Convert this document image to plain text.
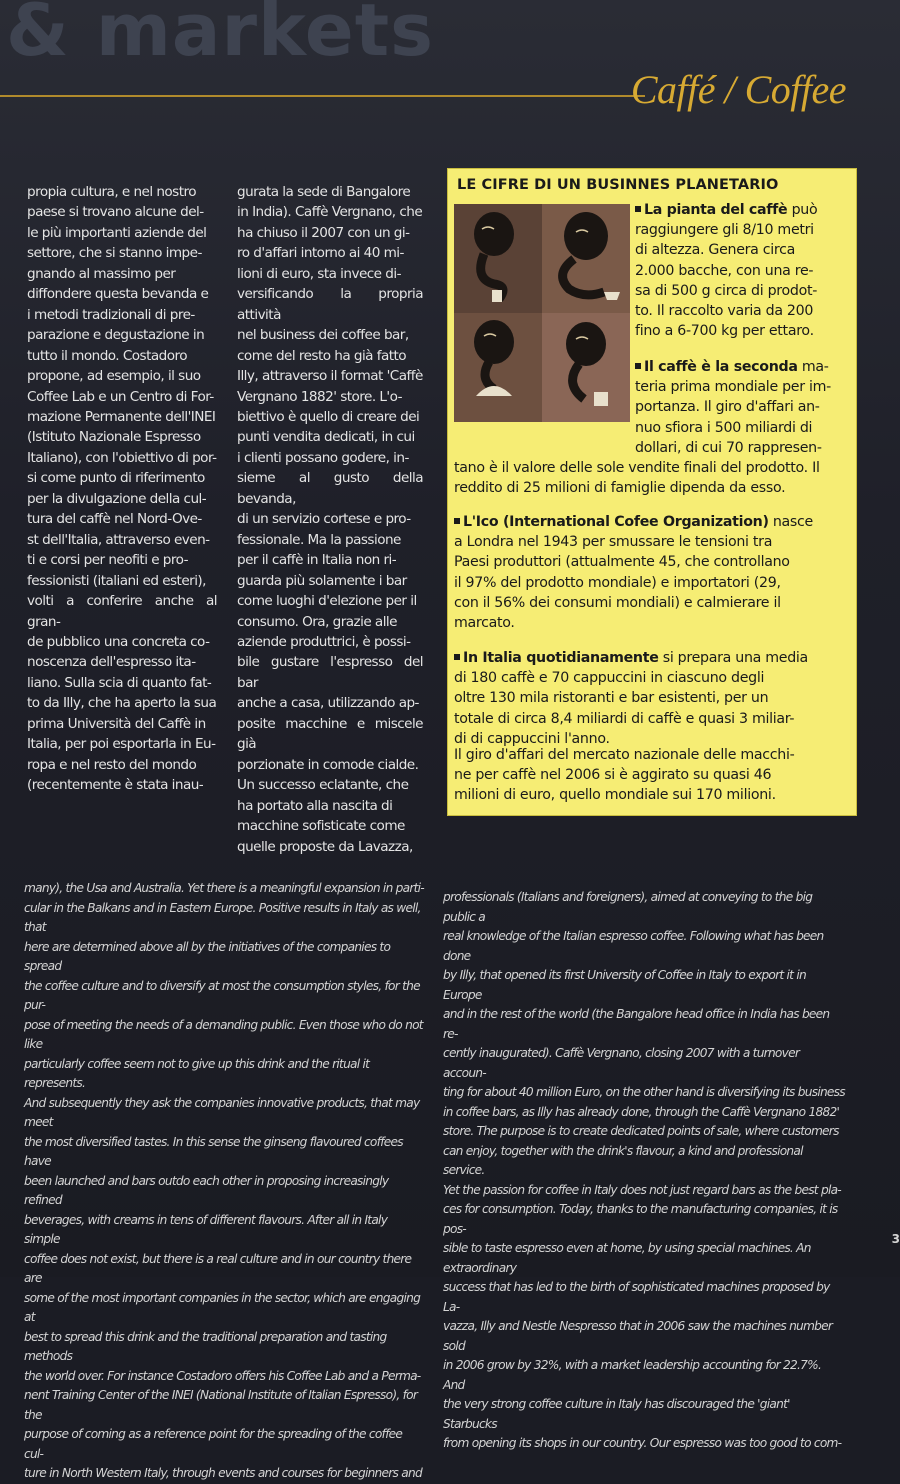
& markets
Caffé / Coffee
propia cultura, e nel nostro
paese si trovano alcune del-
le più importanti aziende del
settore, che si stanno impe-
gnando al massimo per
diffondere questa bevanda e
i metodi tradizionali di pre-
parazione e degustazione in
tutto il mondo. Costadoro
propone, ad esempio, il suo
Coffee Lab e un Centro di For-
mazione Permanente dell'INEI
(Istituto Nazionale Espresso
Italiano), con l'obiettivo di por-
si come punto di riferimento
per la divulgazione della cul-
tura del caffè nel Nord-Ove-
st dell'Italia, attraverso even-
ti e corsi per neofiti e pro-
fessionisti (italiani ed esteri),
volti a conferire anche al gran-
de pubblico una concreta co-
noscenza dell'espresso ita-
liano. Sulla scia di quanto fat-
to da Illy, che ha aperto la sua
prima Università del Caffè in
Italia, per poi esportarla in Eu-
ropa e nel resto del mondo
(recentemente è stata inau-
gurata la sede di Bangalore
in India). Caffè Vergnano, che
ha chiuso il 2007 con un gi-
ro d'affari intorno ai 40 mi-
lioni di euro, sta invece di-
versificando la propria attività
nel business dei coffee bar,
come del resto ha già fatto
Illy, attraverso il format 'Caffè
Vergnano 1882' store. L'o-
biettivo è quello di creare dei
punti vendita dedicati, in cui
i clienti possano godere, in-
sieme al gusto della bevanda,
di un servizio cortese e pro-
fessionale. Ma la passione
per il caffè in Italia non ri-
guarda più solamente i bar
come luoghi d'elezione per il
consumo. Ora, grazie alle
aziende produttrici, è possi-
bile gustare l'espresso del bar
anche a casa, utilizzando ap-
posite macchine e miscele già
porzionate in comode cialde.
Un successo eclatante, che
ha portato alla nascita di
macchine sofisticate come
quelle proposte da Lavazza,
LE CIFRE DI UN BUSINNES PLANETARIO
La pianta del caffè può
raggiungere gli 8/10 metri
di altezza. Genera circa
2.000 bacche, con una re-
sa di 500 g circa di prodot-
to. Il raccolto varia da 200
fino a 6-700 kg per ettaro.
Il caffè è la seconda ma-
teria prima mondiale per im-
portanza. Il giro d'affari an-
nuo sfiora i 500 miliardi di
dollari, di cui 70 rappresen-
tano è il valore delle sole vendite finali del prodotto. Il
reddito di 25 milioni di famiglie dipenda da esso.
L'Ico (International Cofee Organization) nasce
a Londra nel 1943 per smussare le tensioni tra
Paesi produttori (attualmente 45, che controllano
il 97% del prodotto mondiale) e importatori (29,
con il 56% dei consumi mondiali) e calmierare il
marcato.
In Italia quotidianamente si prepara una media
di 180 caffè e 70 cappuccini in ciascuno degli
oltre 130 mila ristoranti e bar esistenti, per un
totale di circa 8,4 miliardi di caffè e quasi 3 miliar-
di di cappuccini l'anno.
Il giro d'affari del mercato nazionale delle macchi-
ne per caffè nel 2006 si è aggirato su quasi 46
milioni di euro, quello mondiale sui 170 milioni.
many), the Usa and Australia. Yet there is a meaningful expansion in parti-
cular in the Balkans and in Eastern Europe. Positive results in Italy as well, that
here are determined above all by the initiatives of the companies to spread
the coffee culture and to diversify at most the consumption styles, for the pur-
pose of meeting the needs of a demanding public. Even those who do not like
particularly coffee seem not to give up this drink and the ritual it represents.
And subsequently they ask the companies innovative products, that may meet
the most diversified tastes. In this sense the ginseng flavoured coffees have
been launched and bars outdo each other in proposing increasingly refined
beverages, with creams in tens of different flavours. After all in Italy simple
coffee does not exist, but there is a real culture and in our country there are
some of the most important companies in the sector, which are engaging at
best to spread this drink and the traditional preparation and tasting methods
the world over. For instance Costadoro offers his Coffee Lab and a Perma-
nent Training Center of the INEI (National Institute of Italian Espresso), for the
purpose of coming as a reference point for the spreading of the coffee cul-
ture in North Western Italy, through events and courses for beginners and
professionals (Italians and foreigners), aimed at conveying to the big public a
real knowledge of the Italian espresso coffee. Following what has been done
by Illy, that opened its first University of Coffee in Italy to export it in Europe
and in the rest of the world (the Bangalore head office in India has been re-
cently inaugurated). Caffè Vergnano, closing 2007 with a turnover accoun-
ting for about 40 million Euro, on the other hand is diversifying its business
in coffee bars, as Illy has already done, through the Caffè Vergnano 1882'
store. The purpose is to create dedicated points of sale, where customers
can enjoy, together with the drink's flavour, a kind and professional service.
Yet the passion for coffee in Italy does not just regard bars as the best pla-
ces for consumption. Today, thanks to the manufacturing companies, it is pos-
sible to taste espresso even at home, by using special machines. An extraordinary
success that has led to the birth of sophisticated machines proposed by La-
vazza, Illy and Nestle Nespresso that in 2006 saw the machines number sold
in 2006 grow by 32%, with a market leadership accounting for 22.7%. And
the very strong coffee culture in Italy has discouraged the 'giant' Starbucks
from opening its shops in our country. Our espresso was too good to com-
3
